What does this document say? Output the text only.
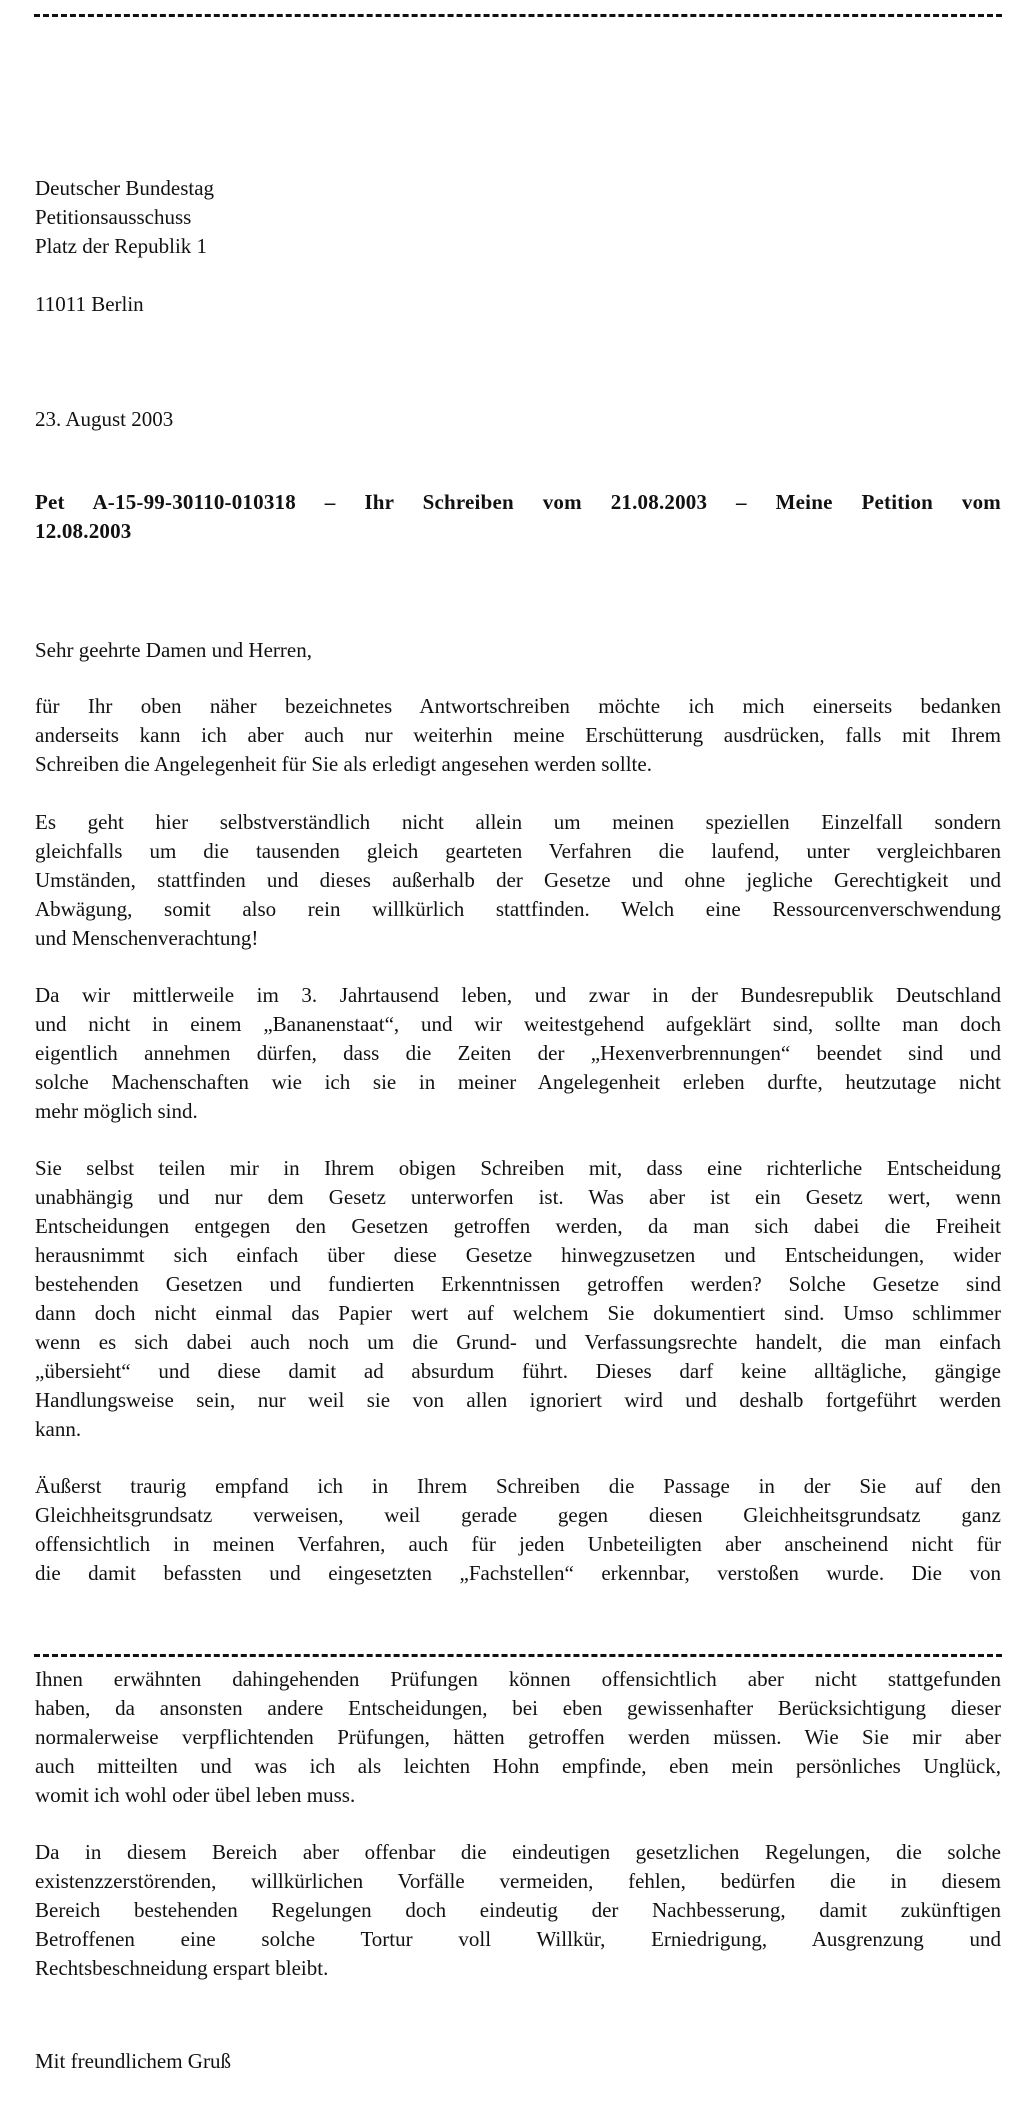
Deutscher Bundestag
Petitionsausschuss
Platz der Republik 1
11011 Berlin
23. August 2003
Pet A-15-99-30110-010318 – Ihr Schreiben vom 21.08.2003 – Meine Petition vom
12.08.2003
Sehr geehrte Damen und Herren,
für Ihr oben näher bezeichnetes Antwortschreiben möchte ich mich einerseits bedanken
anderseits kann ich aber auch nur weiterhin meine Erschütterung ausdrücken, falls mit Ihrem
Schreiben die Angelegenheit für Sie als erledigt angesehen werden sollte.
Es geht hier selbstverständlich nicht allein um meinen speziellen Einzelfall sondern
gleichfalls um die tausenden gleich gearteten Verfahren die laufend, unter vergleichbaren
Umständen, stattfinden und dieses außerhalb der Gesetze und ohne jegliche Gerechtigkeit und
Abwägung, somit also rein willkürlich stattfinden. Welch eine Ressourcenverschwendung
und Menschenverachtung!
Da wir mittlerweile im 3. Jahrtausend leben, und zwar in der Bundesrepublik Deutschland
und nicht in einem „Bananenstaat“, und wir weitestgehend aufgeklärt sind, sollte man doch
eigentlich annehmen dürfen, dass die Zeiten der „Hexenverbrennungen“ beendet sind und
solche Machenschaften wie ich sie in meiner Angelegenheit erleben durfte, heutzutage nicht
mehr möglich sind.
Sie selbst teilen mir in Ihrem obigen Schreiben mit, dass eine richterliche Entscheidung
unabhängig und nur dem Gesetz unterworfen ist. Was aber ist ein Gesetz wert, wenn
Entscheidungen entgegen den Gesetzen getroffen werden, da man sich dabei die Freiheit
herausnimmt sich einfach über diese Gesetze hinwegzusetzen und Entscheidungen, wider
bestehenden Gesetzen und fundierten Erkenntnissen getroffen werden? Solche Gesetze sind
dann doch nicht einmal das Papier wert auf welchem Sie dokumentiert sind. Umso schlimmer
wenn es sich dabei auch noch um die Grund- und Verfassungsrechte handelt, die man einfach
„übersieht“ und diese damit ad absurdum führt. Dieses darf keine alltägliche, gängige
Handlungsweise sein, nur weil sie von allen ignoriert wird und deshalb fortgeführt werden
kann.
Äußerst traurig empfand ich in Ihrem Schreiben die Passage in der Sie auf den
Gleichheitsgrundsatz verweisen, weil gerade gegen diesen Gleichheitsgrundsatz ganz
offensichtlich in meinen Verfahren, auch für jeden Unbeteiligten aber anscheinend nicht für
die damit befassten und eingesetzten „Fachstellen“ erkennbar, verstoßen wurde. Die von
Ihnen erwähnten dahingehenden Prüfungen können offensichtlich aber nicht stattgefunden
haben, da ansonsten andere Entscheidungen, bei eben gewissenhafter Berücksichtigung dieser
normalerweise verpflichtenden Prüfungen, hätten getroffen werden müssen. Wie Sie mir aber
auch mitteilten und was ich als leichten Hohn empfinde, eben mein persönliches Unglück,
womit ich wohl oder übel leben muss.
Da in diesem Bereich aber offenbar die eindeutigen gesetzlichen Regelungen, die solche
existenzzerstörenden, willkürlichen Vorfälle vermeiden, fehlen, bedürfen die in diesem
Bereich bestehenden Regelungen doch eindeutig der Nachbesserung, damit zukünftigen
Betroffenen eine solche Tortur voll Willkür, Erniedrigung, Ausgrenzung und
Rechtsbeschneidung erspart bleibt.
Mit freundlichem Gruß
